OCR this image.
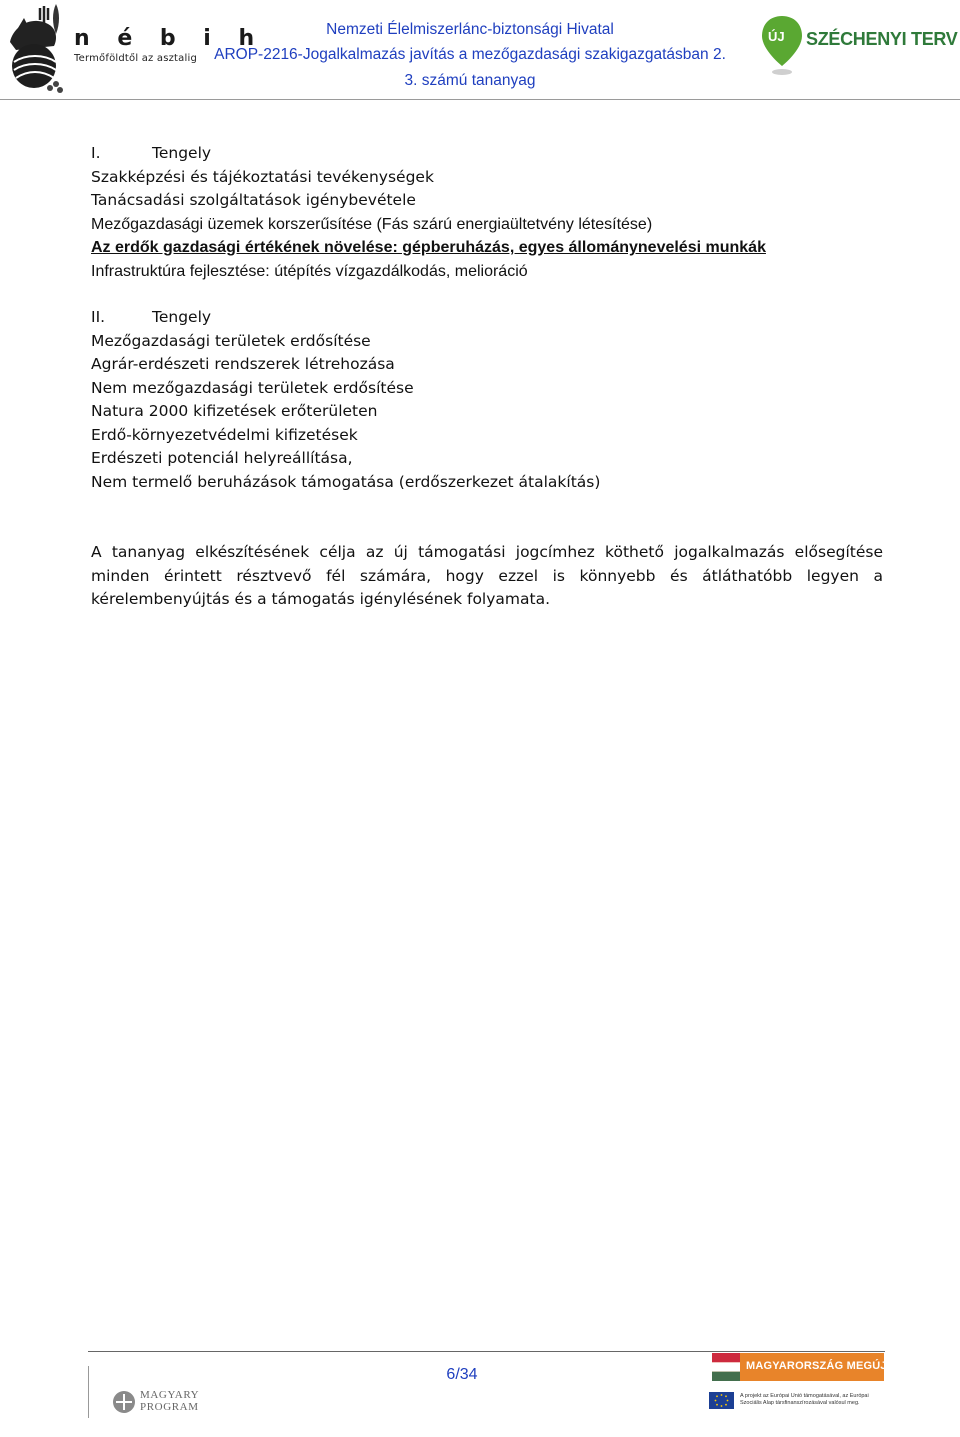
n é b i h
Termőföldtől az asztalig
Nemzeti Élelmiszerlánc-biztonsági Hivatal
AROP-2216-Jogalkalmazás javítás a mezőgazdasági szakigazgatásban 2.
3. számú tananyag
ÚJ SZÉCHENYI TERV
I.	Tengely
Szakképzési és tájékoztatási tevékenységek
Tanácsadási szolgáltatások igénybevétele
Mezőgazdasági üzemek korszerűsítése (Fás szárú energiaültetvény létesítése)
Az erdők gazdasági értékének növelése: gépberuházás, egyes állománynevelési munkák
Infrastruktúra fejlesztése: útépítés vízgazdálkodás, melioráció
II.	Tengely
Mezőgazdasági területek erdősítése
Agrár-erdészeti rendszerek létrehozása
Nem mezőgazdasági területek erdősítése
Natura 2000 kifizetések erőterületen
Erdő-környezetvédelmi kifizetések
Erdészeti potenciál helyreállítása,
Nem termelő beruházások támogatása (erdőszerkezet átalakítás)
A tananyag elkészítésének célja az új támogatási jogcímhez köthető jogalkalmazás elősegítése minden érintett résztvevő fél számára, hogy ezzel is könnyebb és átláthatóbb legyen a kérelembenyújtás és a támogatás igénylésének folyamata.
MAGYARY
PROGRAM
6/34	MAGYARORSZÁG MEGÚJUL
A projekt az Európai Unió támogatásával, az Európai Szociális Alap társfinanszírozásával valósul meg.
